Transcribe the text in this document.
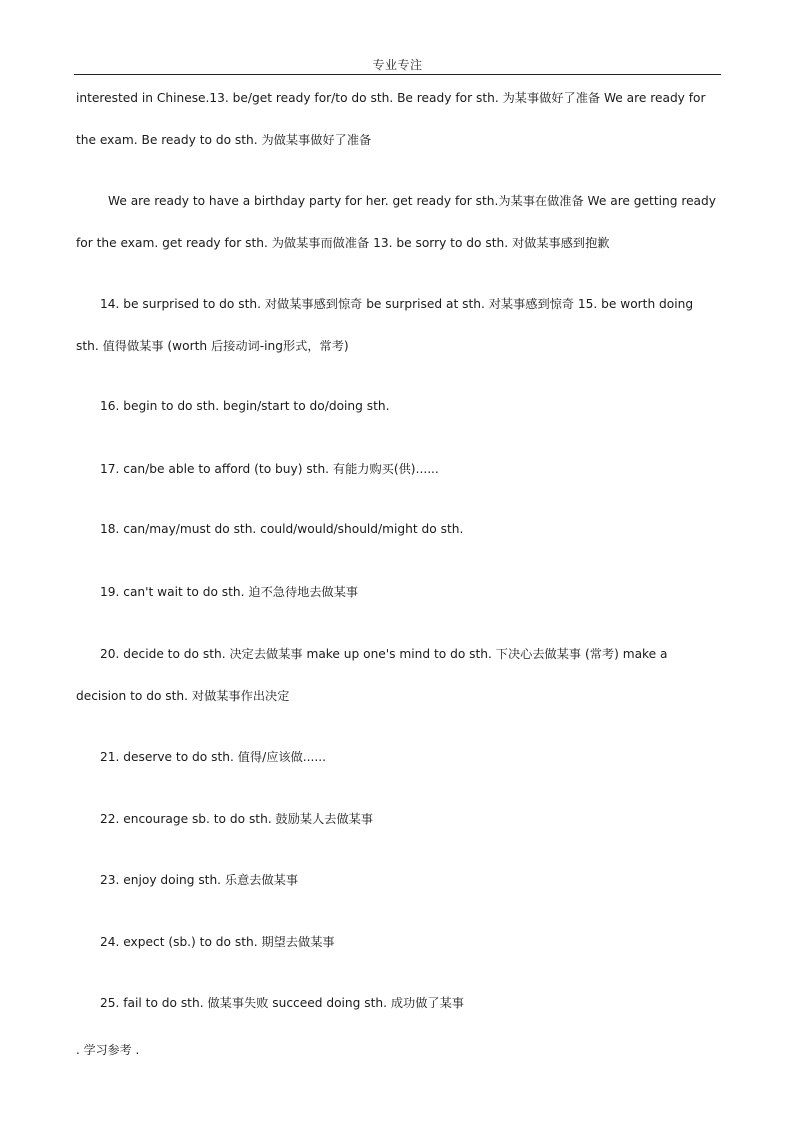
专业专注
interested in Chinese.13. be/get ready for/to do sth. Be ready for sth. 为某事做好了准备 We are ready for
the exam. Be ready to do sth. 为做某事做好了准备
We are ready to have a birthday party for her. get ready for sth.为某事在做准备 We are getting ready
for the exam. get ready for sth. 为做某事而做准备 13. be sorry to do sth. 对做某事感到抱歉
14. be surprised to do sth. 对做某事感到惊奇 be surprised at sth. 对某事感到惊奇 15. be worth doing
sth. 值得做某事 (worth 后接动词-ing形式，常考)
16. begin to do sth. begin/start to do/doing sth.
17. can/be able to afford (to buy) sth. 有能力购买(供)......
18. can/may/must do sth. could/would/should/might do sth.
19. can't wait to do sth. 迫不急待地去做某事
20. decide to do sth. 决定去做某事 make up one's mind to do sth. 下决心去做某事 (常考) make a
decision to do sth. 对做某事作出决定
21. deserve to do sth. 值得/应该做......
22. encourage sb. to do sth. 鼓励某人去做某事
23. enjoy doing sth. 乐意去做某事
24. expect (sb.) to do sth. 期望去做某事
25. fail to do sth. 做某事失败 succeed doing sth. 成功做了某事
. 学习参考 .
